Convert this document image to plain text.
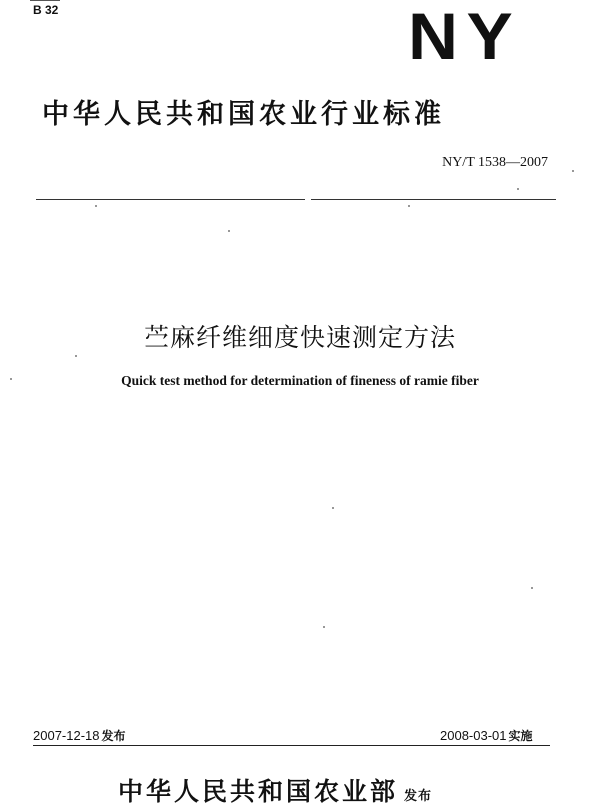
B 32	NY
中华人民共和国农业行业标准
NY/T 1538—2007
苎麻纤维细度快速测定方法
Quick test method for determination of fineness of ramie fiber
2007-12-18 发布	2008-03-01 实施
中华人民共和国农业部 发布
